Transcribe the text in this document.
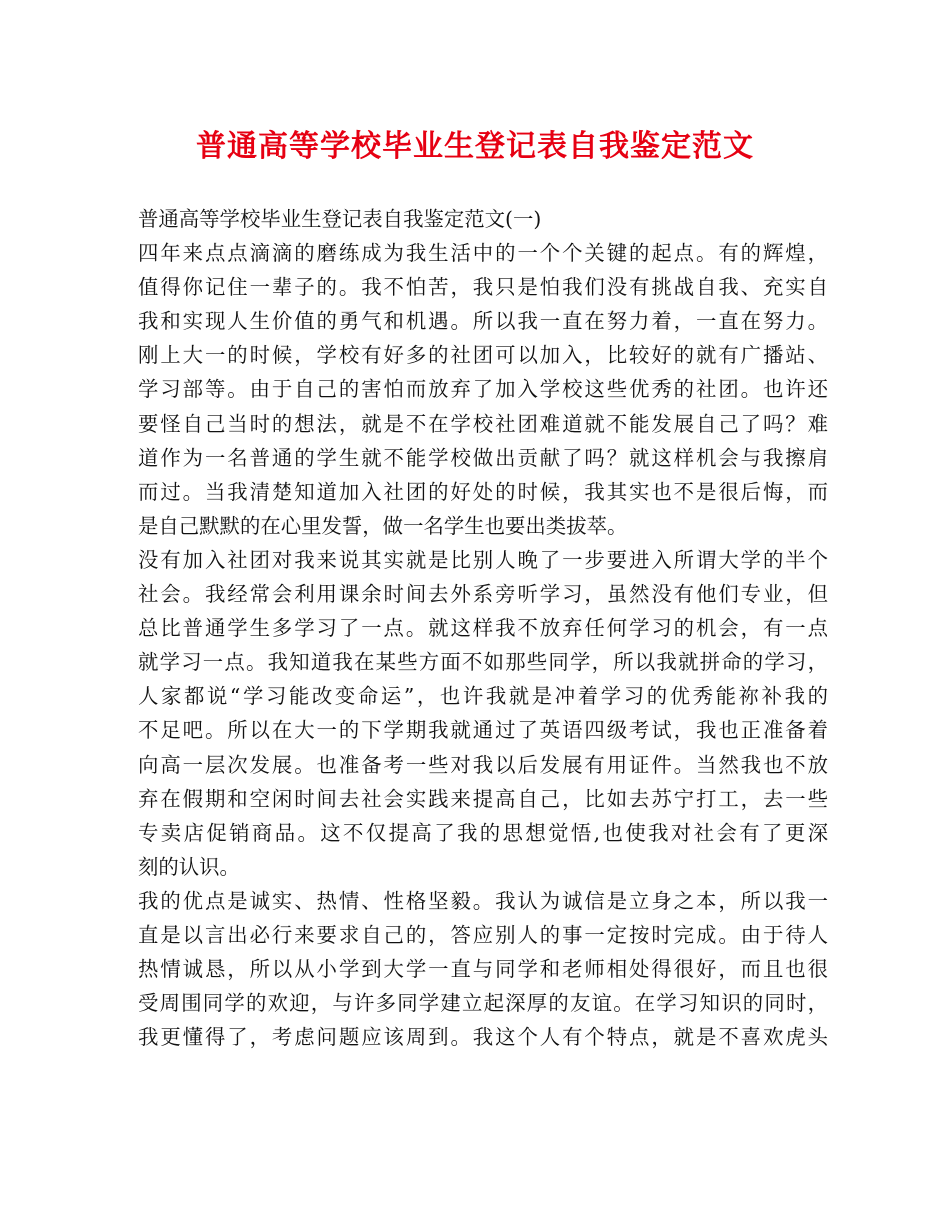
普通高等学校毕业生登记表自我鉴定范文
普通高等学校毕业生登记表自我鉴定范文(一)
四年来点点滴滴的磨练成为我生活中的一个个关键的起点。有的辉煌，
值得你记住一辈子的。我不怕苦，我只是怕我们没有挑战自我、充实自
我和实现人生价值的勇气和机遇。所以我一直在努力着，一直在努力。
刚上大一的时候，学校有好多的社团可以加入，比较好的就有广播站、
学习部等。由于自己的害怕而放弃了加入学校这些优秀的社团。也许还
要怪自己当时的想法，就是不在学校社团难道就不能发展自己了吗？难
道作为一名普通的学生就不能学校做出贡献了吗？就这样机会与我擦肩
而过。当我清楚知道加入社团的好处的时候，我其实也不是很后悔，而
是自己默默的在心里发誓，做一名学生也要出类拔萃。
没有加入社团对我来说其实就是比别人晚了一步要进入所谓大学的半个
社会。我经常会利用课余时间去外系旁听学习，虽然没有他们专业，但
总比普通学生多学习了一点。就这样我不放弃任何学习的机会，有一点
就学习一点。我知道我在某些方面不如那些同学，所以我就拼命的学习，
人家都说“学习能改变命运”，也许我就是冲着学习的优秀能祢补我的
不足吧。所以在大一的下学期我就通过了英语四级考试，我也正准备着
向高一层次发展。也准备考一些对我以后发展有用证件。当然我也不放
弃在假期和空闲时间去社会实践来提高自己，比如去苏宁打工，去一些
专卖店促销商品。这不仅提高了我的思想觉悟,也使我对社会有了更深
刻的认识。
我的优点是诚实、热情、性格坚毅。我认为诚信是立身之本，所以我一
直是以言出必行来要求自己的，答应别人的事一定按时完成。由于待人
热情诚恳，所以从小学到大学一直与同学和老师相处得很好，而且也很
受周围同学的欢迎，与许多同学建立起深厚的友谊。在学习知识的同时，
我更懂得了，考虑问题应该周到。我这个人有个特点，就是不喜欢虎头
